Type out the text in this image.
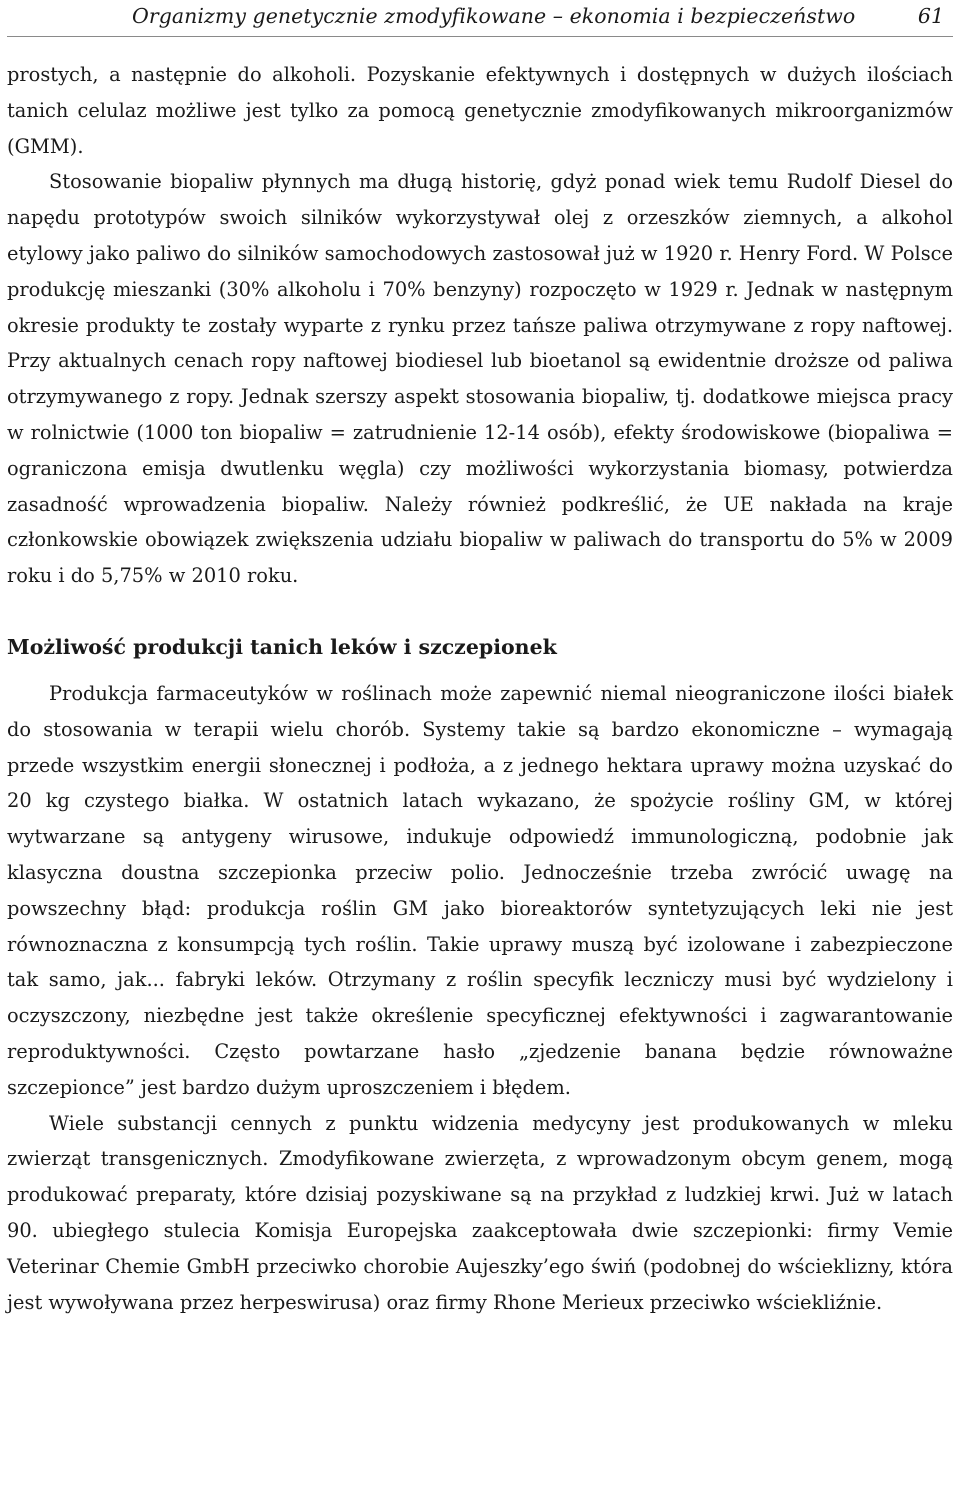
Organizmy genetycznie zmodyfikowane – ekonomia i bezpieczeństwo	61

prostych, a następnie do alkoholi. Pozyskanie efektywnych i dostępnych w dużych ilościach tanich celulaz możliwe jest tylko za pomocą genetycznie zmodyfikowanych mikroorganizmów (GMM).

Stosowanie biopaliw płynnych ma długą historię, gdyż ponad wiek temu Rudolf Diesel do napędu prototypów swoich silników wykorzystywał olej z orzeszków ziemnych, a alkohol etylowy jako paliwo do silników samochodowych zastosował już w 1920 r. Henry Ford. W Polsce produkcję mieszanki (30% alkoholu i 70% benzyny) rozpoczęto w 1929 r. Jednak w następnym okresie produkty te zostały wyparte z rynku przez tańsze paliwa otrzymywane z ropy naftowej. Przy aktualnych cenach ropy naftowej biodiesel lub bioetanol są ewidentnie droższe od paliwa otrzymywanego z ropy. Jednak szerszy aspekt stosowania biopaliw, tj. dodatkowe miejsca pracy w rolnictwie (1000 ton biopaliw = zatrudnienie 12-14 osób), efekty środowiskowe (biopaliwa = ograniczona emisja dwutlenku węgla) czy możliwości wykorzystania biomasy, potwierdza zasadność wprowadzenia biopaliw. Należy również podkreślić, że UE nakłada na kraje członkowskie obowiązek zwiększenia udziału biopaliw w paliwach do transportu do 5% w 2009 roku i do 5,75% w 2010 roku.

Możliwość produkcji tanich leków i szczepionek

Produkcja farmaceutyków w roślinach może zapewnić niemal nieograniczone ilości białek do stosowania w terapii wielu chorób. Systemy takie są bardzo ekonomiczne – wymagają przede wszystkim energii słonecznej i podłoża, a z jednego hektara uprawy można uzyskać do 20 kg czystego białka. W ostatnich latach wykazano, że spożycie rośliny GM, w której wytwarzane są antygeny wirusowe, indukuje odpowiedź immunologiczną, podobnie jak klasyczna doustna szczepionka przeciw polio. Jednocześnie trzeba zwrócić uwagę na powszechny błąd: produkcja roślin GM jako bioreaktorów syntetyzujących leki nie jest równoznaczna z konsumpcją tych roślin. Takie uprawy muszą być izolowane i zabezpieczone tak samo, jak... fabryki leków. Otrzymany z roślin specyfik leczniczy musi być wydzielony i oczyszczony, niezbędne jest także określenie specyficznej efektywności i zagwarantowanie reproduktywności. Często powtarzane hasło „zjedzenie banana będzie równoważne szczepionce” jest bardzo dużym uproszczeniem i błędem.

Wiele substancji cennych z punktu widzenia medycyny jest produkowanych w mleku zwierząt transgenicznych. Zmodyfikowane zwierzęta, z wprowadzonym obcym genem, mogą produkować preparaty, które dzisiaj pozyskiwane są na przykład z ludzkiej krwi. Już w latach 90. ubiegłego stulecia Komisja Europejska zaakceptowała dwie szczepionki: firmy Vemie Veterinar Chemie GmbH przeciwko chorobie Aujeszky’ego świń (podobnej do wścieklizny, która jest wywoływana przez herpeswirusa) oraz firmy Rhone Merieux przeciwko wściekliźnie.
